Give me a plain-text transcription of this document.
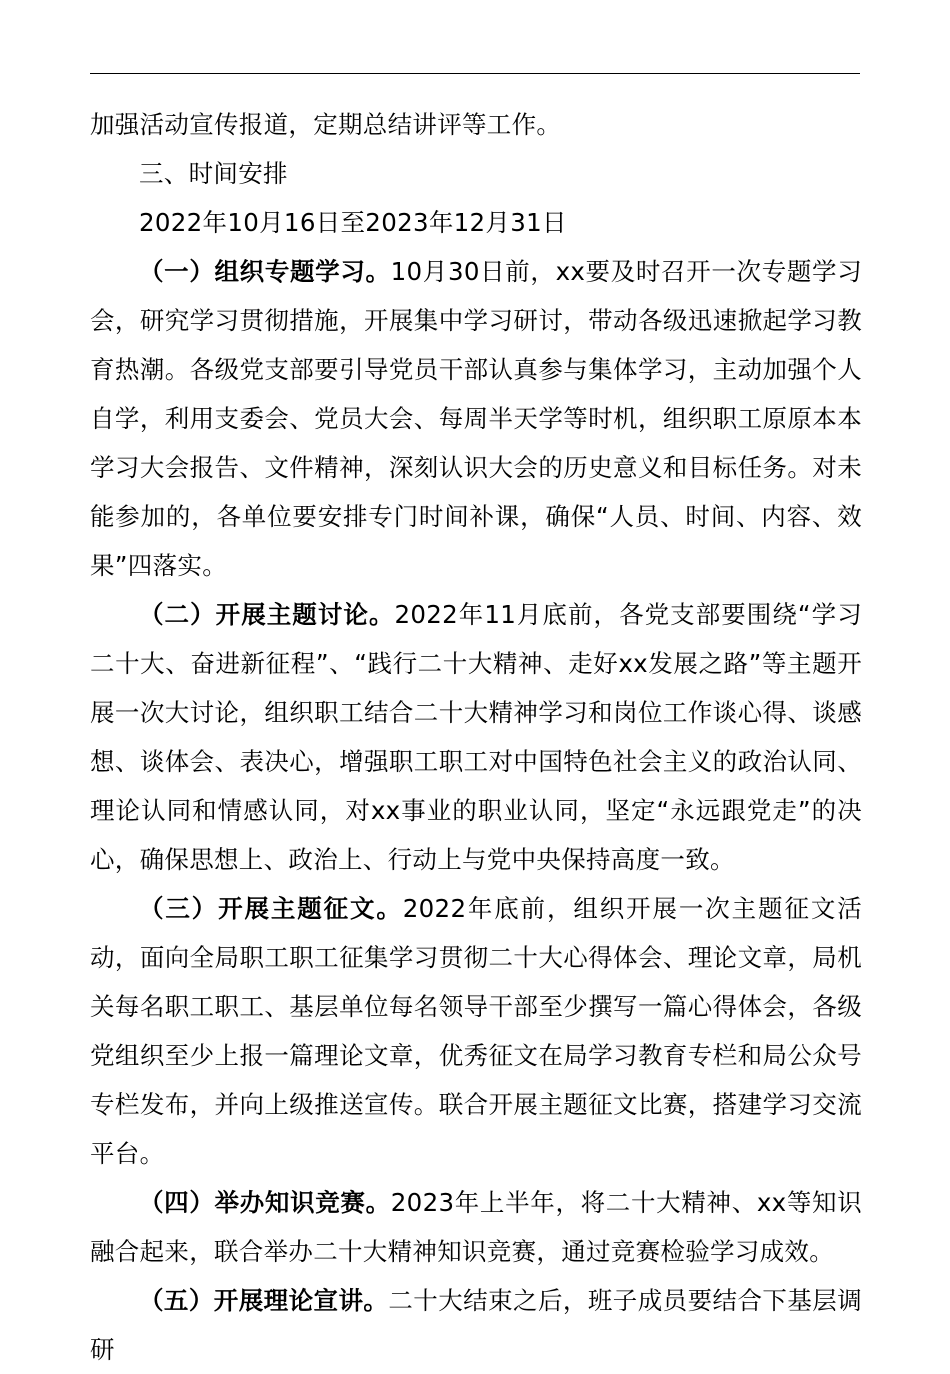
加强活动宣传报道，定期总结讲评等工作。

三、时间安排

2022年10月16日至2023年12月31日

（一）组织专题学习。10月30日前，xx要及时召开一次专题学习会，研究学习贯彻措施，开展集中学习研讨，带动各级迅速掀起学习教育热潮。各级党支部要引导党员干部认真参与集体学习，主动加强个人自学，利用支委会、党员大会、每周半天学等时机，组织职工原原本本学习大会报告、文件精神，深刻认识大会的历史意义和目标任务。对未能参加的，各单位要安排专门时间补课，确保“人员、时间、内容、效果”四落实。

（二）开展主题讨论。2022年11月底前，各党支部要围绕“学习二十大、奋进新征程”、“践行二十大精神、走好xx发展之路”等主题开展一次大讨论，组织职工结合二十大精神学习和岗位工作谈心得、谈感想、谈体会、表决心，增强职工职工对中国特色社会主义的政治认同、理论认同和情感认同，对xx事业的职业认同，坚定“永远跟党走”的决心，确保思想上、政治上、行动上与党中央保持高度一致。

（三）开展主题征文。2022年底前，组织开展一次主题征文活动，面向全局职工职工征集学习贯彻二十大心得体会、理论文章，局机关每名职工职工、基层单位每名领导干部至少撰写一篇心得体会，各级党组织至少上报一篇理论文章，优秀征文在局学习教育专栏和局公众号专栏发布，并向上级推送宣传。联合开展主题征文比赛，搭建学习交流平台。

（四）举办知识竞赛。2023年上半年，将二十大精神、xx等知识融合起来，联合举办二十大精神知识竞赛，通过竞赛检验学习成效。

（五）开展理论宣讲。二十大结束之后，班子成员要结合下基层调研
